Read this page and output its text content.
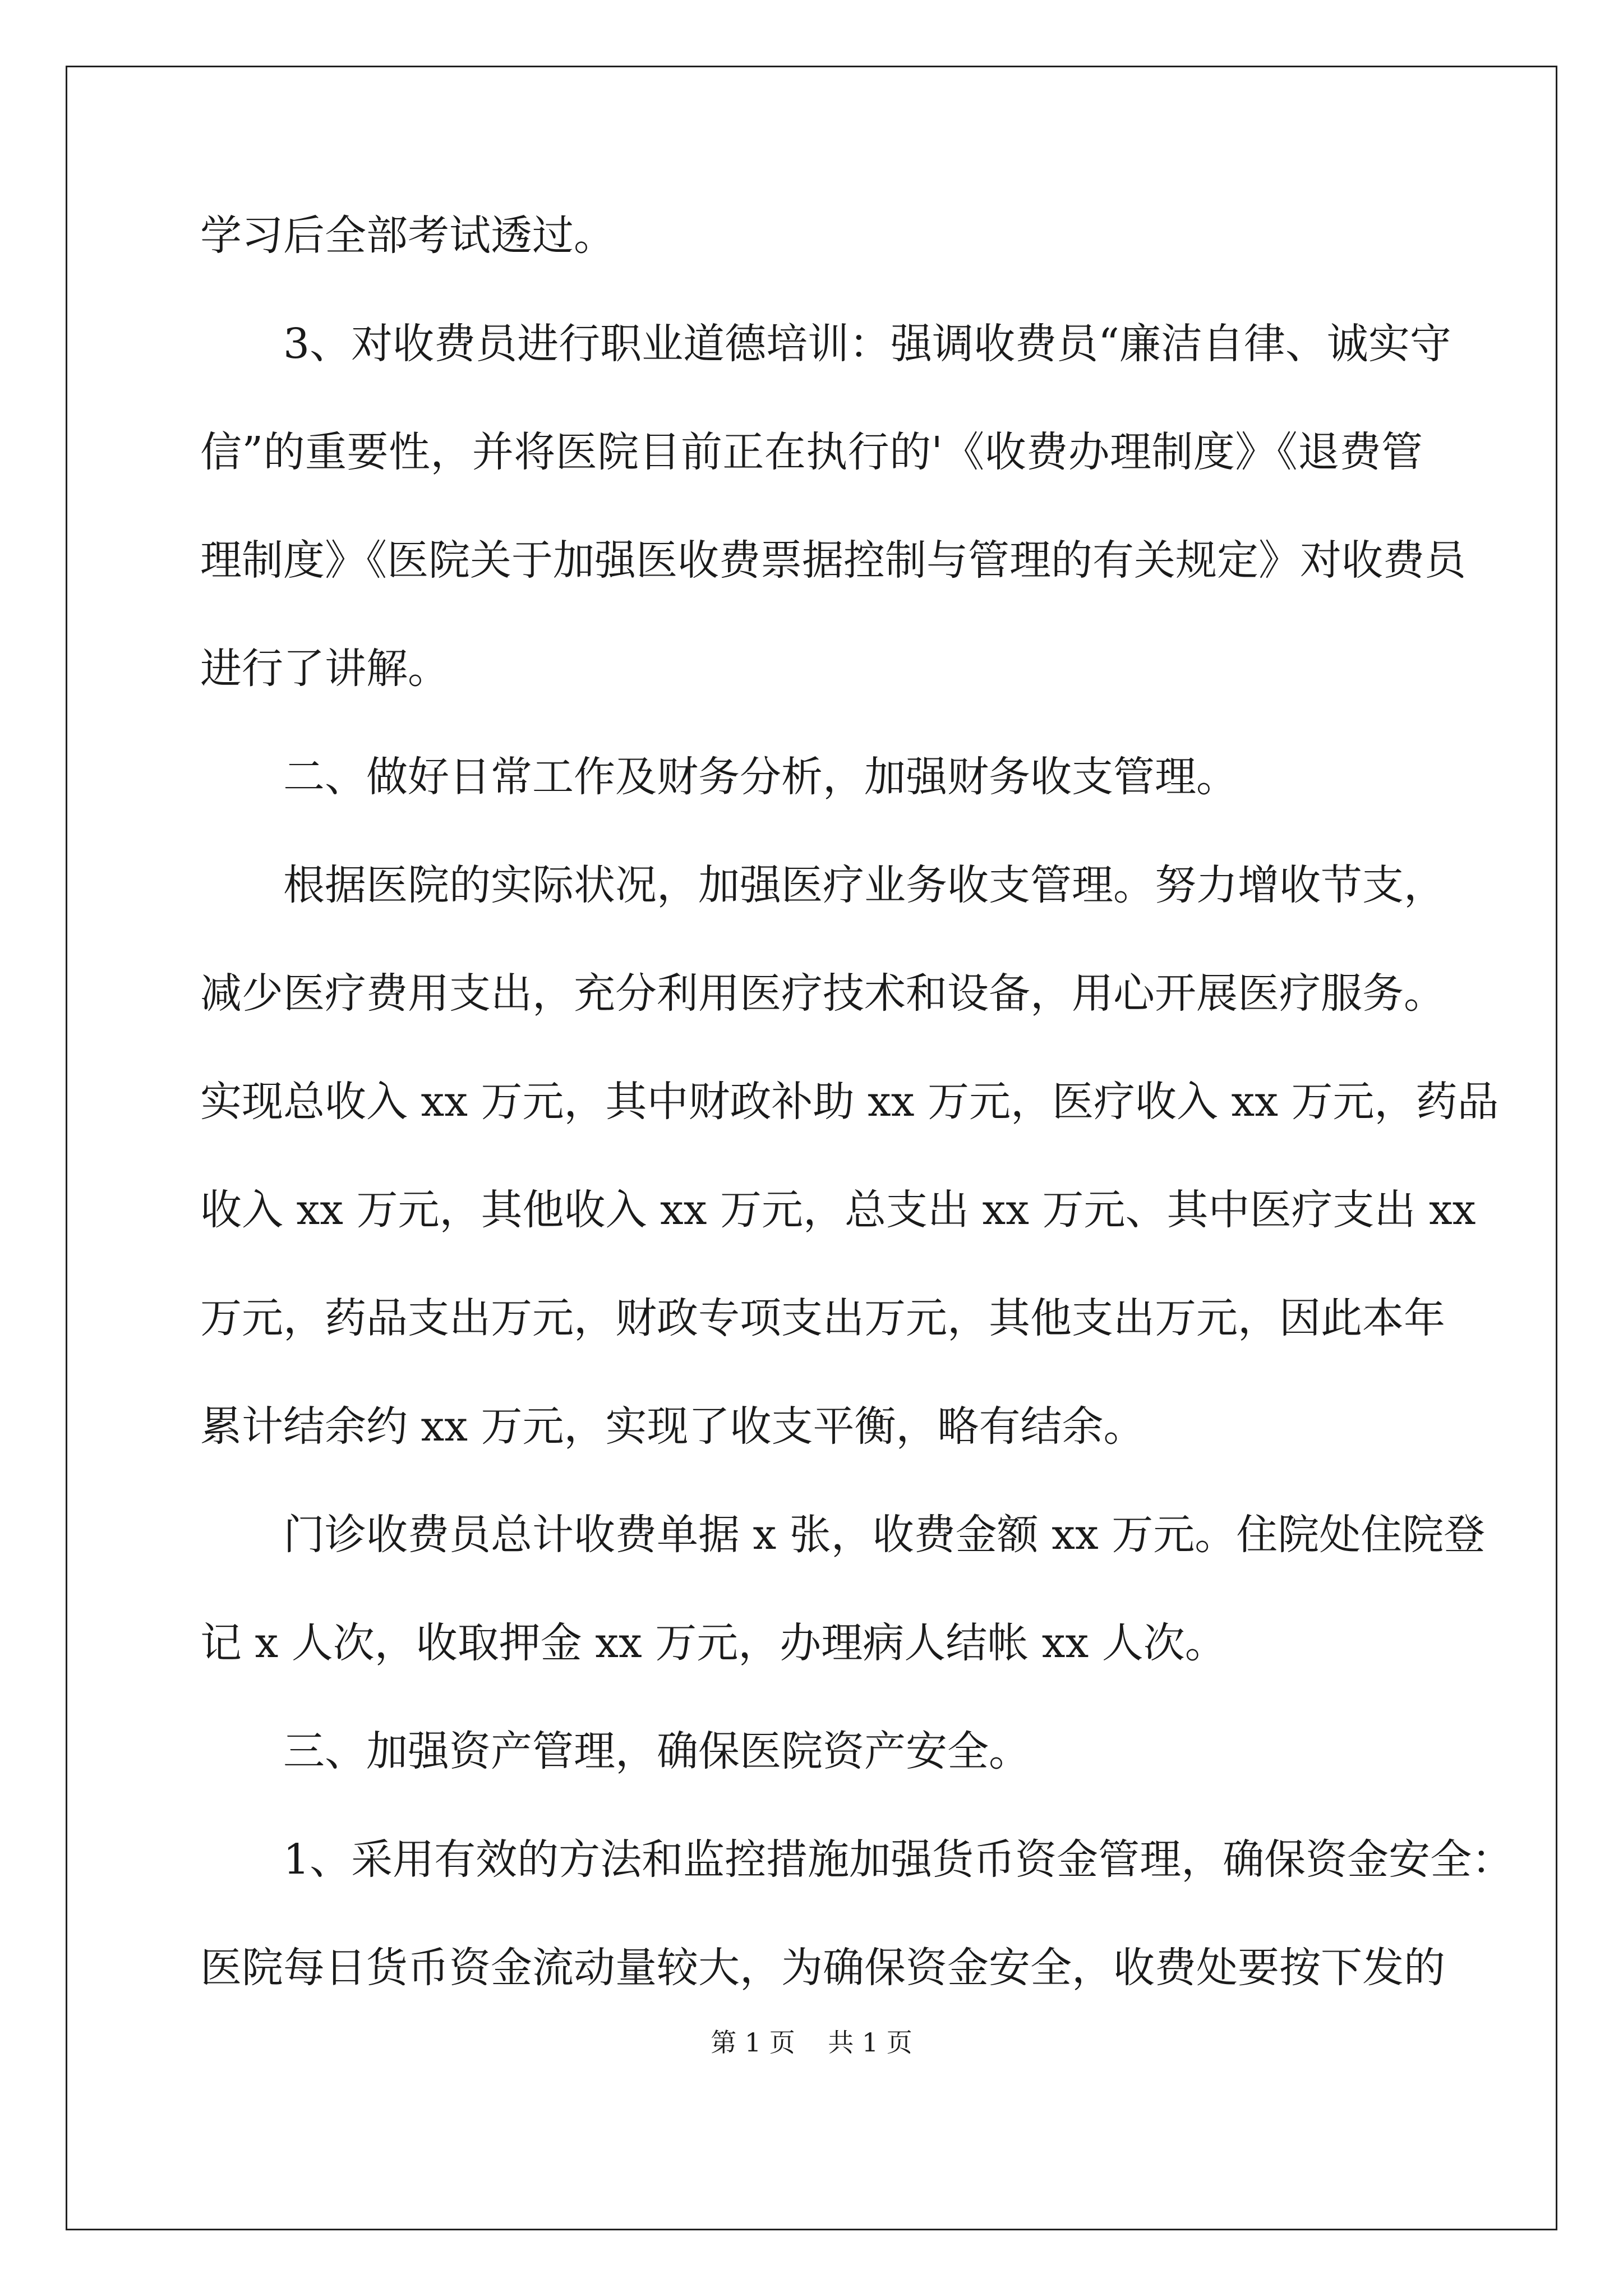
学习后全部考试透过。
　　3、对收费员进行职业道德培训：强调收费员“廉洁自律、诚实守
信”的重要性，并将医院目前正在执行的'《收费办理制度》《退费管
理制度》《医院关于加强医收费票据控制与管理的有关规定》对收费员
进行了讲解。
　　二、做好日常工作及财务分析，加强财务收支管理。
　　根据医院的实际状况，加强医疗业务收支管理。努力增收节支，
减少医疗费用支出，充分利用医疗技术和设备，用心开展医疗服务。
实现总收入 xx 万元，其中财政补助 xx 万元，医疗收入 xx 万元，药品
收入 xx 万元，其他收入 xx 万元，总支出 xx 万元、其中医疗支出 xx
万元，药品支出万元，财政专项支出万元，其他支出万元，因此本年
累计结余约 xx 万元，实现了收支平衡，略有结余。
　　门诊收费员总计收费单据 x 张，收费金额 xx 万元。住院处住院登
记 x 人次，收取押金 xx 万元，办理病人结帐 xx 人次。
　　三、加强资产管理，确保医院资产安全。
　　1、采用有效的方法和监控措施加强货币资金管理，确保资金安全：
医院每日货币资金流动量较大，为确保资金安全，收费处要按下发的
第 1 页    共 1 页
